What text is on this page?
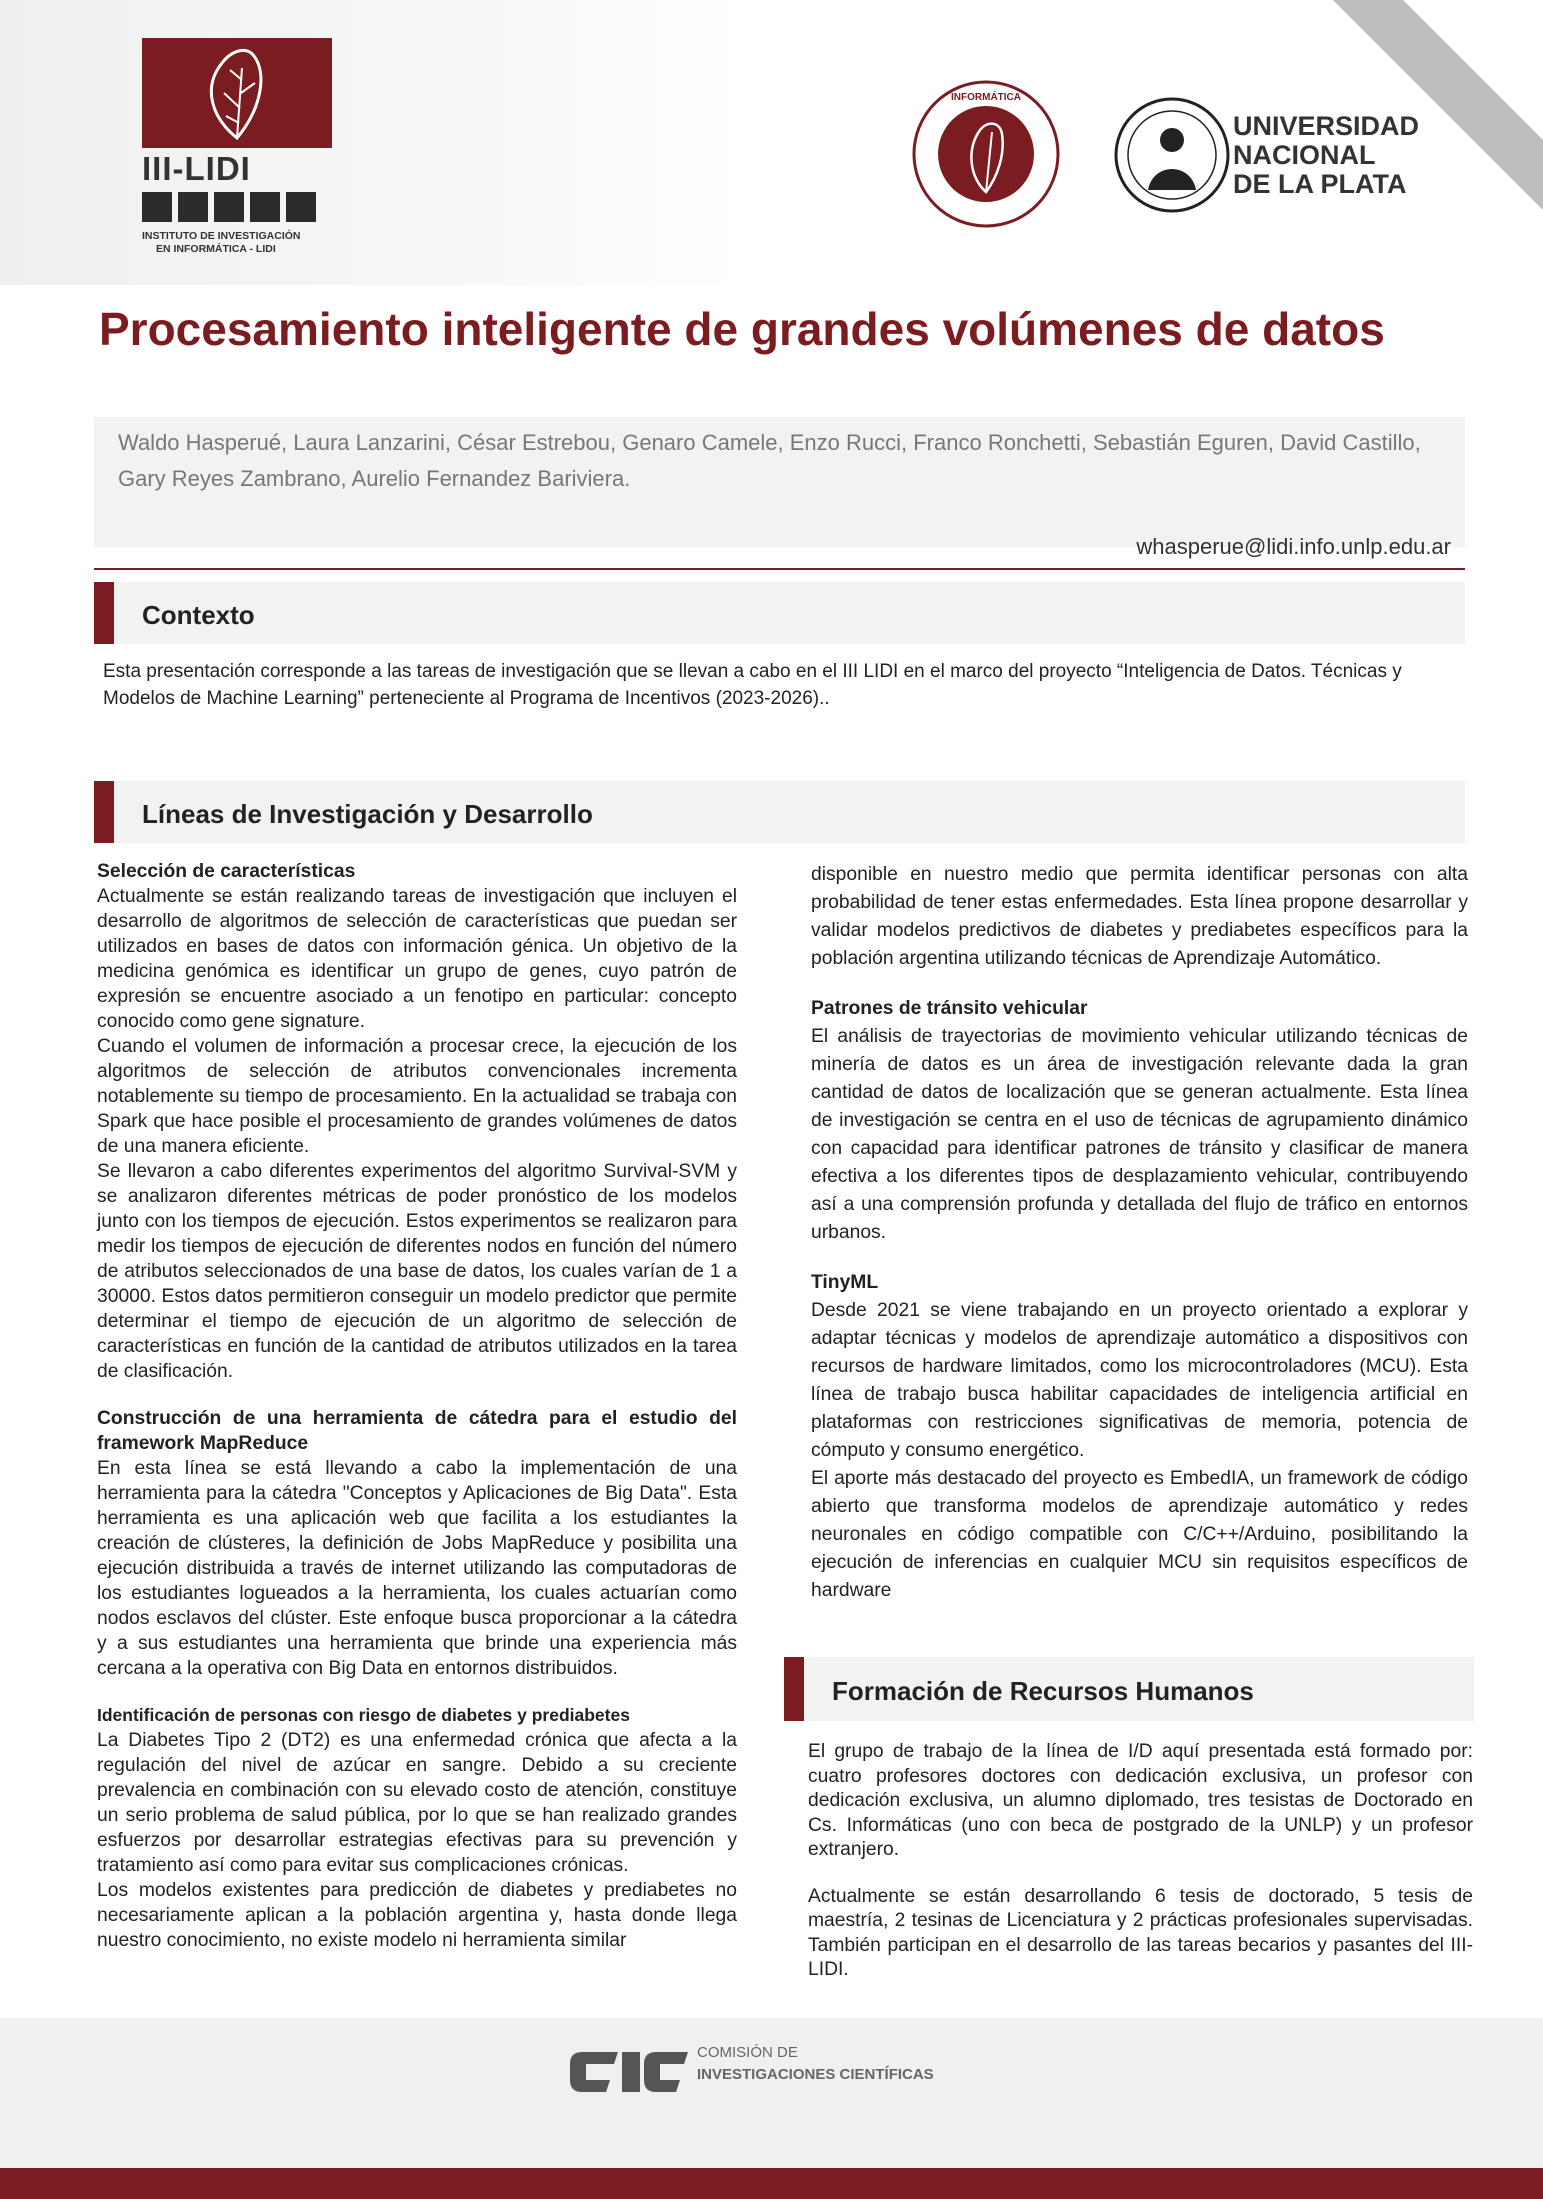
III-LIDI
INSTITUTO DE INVESTIGACIÓN
EN INFORMÁTICA - LIDI
INFORMÁTICA
UNIVERSIDAD
NACIONAL
DE LA PLATA
Procesamiento inteligente de grandes volúmenes de datos
Waldo Hasperué, Laura Lanzarini, César Estrebou, Genaro Camele, Enzo Rucci, Franco Ronchetti, Sebastián Eguren, David Castillo, Gary Reyes Zambrano, Aurelio Fernandez Bariviera.
whasperue@lidi.info.unlp.edu.ar
Contexto
Esta presentación corresponde a las tareas de investigación que se llevan a cabo en el III LIDI en el marco del proyecto “Inteligencia de Datos. Técnicas y Modelos de Machine Learning” perteneciente al Programa de Incentivos (2023-2026)..
Líneas de Investigación y Desarrollo

Selección de características

Actualmente se están realizando tareas de investigación que incluyen el desarrollo de algoritmos de selección de características que puedan ser utilizados en bases de datos con información génica. Un objetivo de la medicina genómica es identificar un grupo de genes, cuyo patrón de expresión se encuentre asociado a un fenotipo en particular: concepto conocido como gene signature.

Cuando el volumen de información a procesar crece, la ejecución de los algoritmos de selección de atributos convencionales incrementa notablemente su tiempo de procesamiento. En la actualidad se trabaja con Spark que hace posible el procesamiento de grandes volúmenes de datos de una manera eficiente.

Se llevaron a cabo diferentes experimentos del algoritmo Survival-SVM y se analizaron diferentes métricas de poder pronóstico de los modelos junto con los tiempos de ejecución. Estos experimentos se realizaron para medir los tiempos de ejecución de diferentes nodos en función del número de atributos seleccionados de una base de datos, los cuales varían de 1 a 30000. Estos datos permitieron conseguir un modelo predictor que permite determinar el tiempo de ejecución de un algoritmo de selección de características en función de la cantidad de atributos utilizados en la tarea de clasificación.

Construcción de una herramienta de cátedra para el estudio del framework MapReduce

En esta línea se está llevando a cabo la implementación de una herramienta para la cátedra "Conceptos y Aplicaciones de Big Data". Esta herramienta es una aplicación web que facilita a los estudiantes la creación de clústeres, la definición de Jobs MapReduce y posibilita una ejecución distribuida a través de internet utilizando las computadoras de los estudiantes logueados a la herramienta, los cuales actuarían como nodos esclavos del clúster. Este enfoque busca proporcionar a la cátedra y a sus estudiantes una herramienta que brinde una experiencia más cercana a la operativa con Big Data en entornos distribuidos.

Identificación de personas con riesgo de diabetes y prediabetes

La Diabetes Tipo 2 (DT2) es una enfermedad crónica que afecta a la regulación del nivel de azúcar en sangre. Debido a su creciente prevalencia en combinación con su elevado costo de atención, constituye un serio problema de salud pública, por lo que se han realizado grandes esfuerzos por desarrollar estrategias efectivas para su prevención y tratamiento así como para evitar sus complicaciones crónicas.

Los modelos existentes para predicción de diabetes y prediabetes no necesariamente aplican a la población argentina y, hasta donde llega nuestro conocimiento, no existe modelo ni herramienta similar

disponible en nuestro medio que permita identificar personas con alta probabilidad de tener estas enfermedades. Esta línea propone desarrollar y validar modelos predictivos de diabetes y prediabetes específicos para la población argentina utilizando técnicas de Aprendizaje Automático.

Patrones de tránsito vehicular

El análisis de trayectorias de movimiento vehicular utilizando técnicas de minería de datos es un área de investigación relevante dada la gran cantidad de datos de localización que se generan actualmente. Esta línea de investigación se centra en el uso de técnicas de agrupamiento dinámico con capacidad para identificar patrones de tránsito y clasificar de manera efectiva a los diferentes tipos de desplazamiento vehicular, contribuyendo así a una comprensión profunda y detallada del flujo de tráfico en entornos urbanos.

TinyML

Desde 2021 se viene trabajando en un proyecto orientado a explorar y adaptar técnicas y modelos de aprendizaje automático a dispositivos con recursos de hardware limitados, como los microcontroladores (MCU). Esta línea de trabajo busca habilitar capacidades de inteligencia artificial en plataformas con restricciones significativas de memoria, potencia de cómputo y consumo energético.

El aporte más destacado del proyecto es EmbedIA, un framework de código abierto que transforma modelos de aprendizaje automático y redes neuronales en código compatible con C/C++/Arduino, posibilitando la ejecución de inferencias en cualquier MCU sin requisitos específicos de hardware

Formación de Recursos Humanos

El grupo de trabajo de la línea de I/D aquí presentada está formado por: cuatro profesores doctores con dedicación exclusiva, un profesor con dedicación exclusiva, un alumno diplomado, tres tesistas de Doctorado en Cs. Informáticas (uno con beca de postgrado de la UNLP) y un profesor extranjero.

Actualmente se están desarrollando 6 tesis de doctorado, 5 tesis de maestría, 2 tesinas de Licenciatura y 2 prácticas profesionales supervisadas. También participan en el desarrollo de las tareas becarios y pasantes del III-LIDI.

COMISIÓN DE
INVESTIGACIONES CIENTÍFICAS
